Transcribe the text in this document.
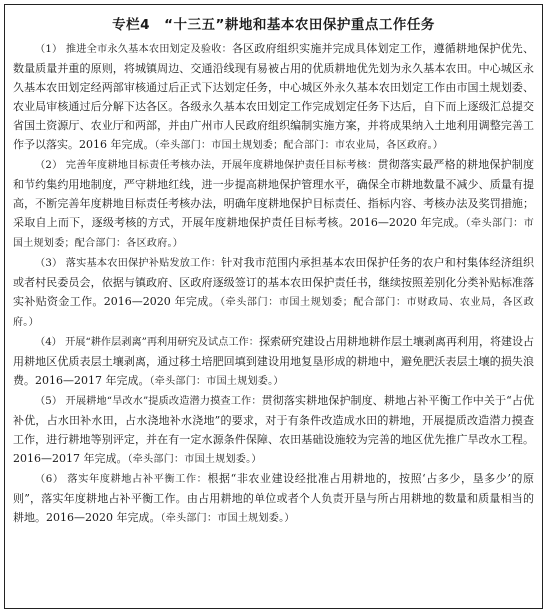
专栏4 “十三五”耕地和基本农田保护重点工作任务

（1） 推进全市永久基本农田划定及验收：各区政府组织实施并完成具体划定工作，遵循耕地保护优先、数量质量并重的原则，将城镇周边、交通沿线现有易被占用的优质耕地优先划为永久基本农田。中心城区永久基本农田划定经两部审核通过后正式下达划定任务，中心城区外永久基本农田划定工作由市国土规划委、农业局审核通过后分解下达各区。各级永久基本农田划定工作完成划定任务下达后，自下而上逐级汇总提交省国土资源厅、农业厅和两部，并由广州市人民政府组织编制实施方案，并将成果纳入土地利用调整完善工作予以落实。2016 年完成。（牵头部门：市国土规划委；配合部门：市农业局，各区政府。）

（2） 完善年度耕地目标责任考核办法，开展年度耕地保护责任目标考核：贯彻落实最严格的耕地保护制度和节约集约用地制度，严守耕地红线，进一步提高耕地保护管理水平，确保全市耕地数量不减少、质量有提高，不断完善年度耕地目标责任考核办法，明确年度耕地保护目标责任、指标内容、考核办法及奖罚措施；采取自上而下，逐级考核的方式，开展年度耕地保护责任目标考核。2016—2020 年完成。（牵头部门：市国土规划委；配合部门：各区政府。）

（3） 落实基本农田保护补贴发放工作：针对我市范围内承担基本农田保护任务的农户和村集体经济组织或者村民委员会，依据与镇政府、区政府逐级签订的基本农田保护责任书，继续按照差别化分类补贴标准落实补贴资金工作。2016—2020 年完成。（牵头部门：市国土规划委；配合部门：市财政局、农业局，各区政府。）

（4） 开展“耕作层剥离”再利用研究及试点工作：探索研究建设占用耕地耕作层土壤剥离再利用，将建设占用耕地区优质表层土壤剥离，通过移土培肥回填到建设用地复垦形成的耕地中，避免肥沃表层土壤的损失浪费。2016—2017 年完成。（牵头部门：市国土规划委。）

（5） 开展耕地“旱改水”提质改造潜力摸查工作：贯彻落实耕地保护制度、耕地占补平衡工作中关于“占优补优，占水田补水田，占水浇地补水浇地”的要求，对于有条件改造成水田的耕地，开展提质改造潜力摸查工作，进行耕地等别评定，并在有一定水源条件保障、农田基础设施较为完善的地区优先推广旱改水工程。2016—2017 年完成。（牵头部门：市国土规划委。）

（6） 落实年度耕地占补平衡工作：根据“非农业建设经批准占用耕地的，按照‘占多少，垦多少’的原则”，落实年度耕地占补平衡工作。由占用耕地的单位或者个人负责开垦与所占用耕地的数量和质量相当的耕地。2016—2020 年完成。（牵头部门：市国土规划委。）
